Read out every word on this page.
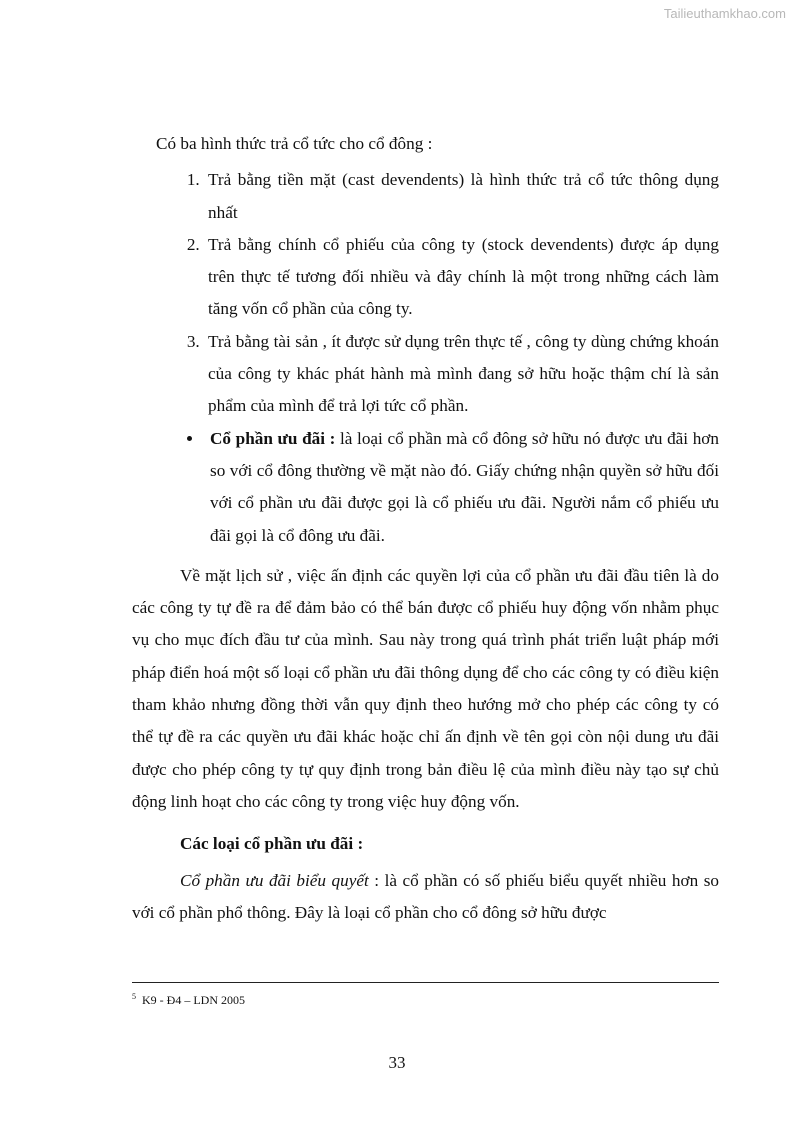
Tailieuthamkhao.com

Có ba hình thức trả cổ tức cho cổ đông :

1. Trả bằng tiền mặt (cast devendents) là hình thức trả cổ tức thông dụng nhất
2. Trả bằng chính cổ phiếu của công ty (stock devendents) được áp dụng trên thực tế tương đối nhiều và đây chính là một trong những cách làm tăng vốn cổ phần của công ty.
3. Trả bằng tài sản , ít được sử dụng trên thực tế , công ty dùng chứng khoán của công ty khác phát hành mà mình đang sở hữu hoặc thậm chí là sản phẩm của mình để trả lợi tức cổ phần.
• Cổ phần ưu đãi : là loại cổ phần mà cổ đông sở hữu nó được ưu đãi hơn so với cổ đông thường về mặt nào đó. Giấy chứng nhận quyền sở hữu đối với cổ phần ưu đãi được gọi là cổ phiếu ưu đãi. Người nắm cổ phiếu ưu đãi gọi là cổ đông ưu đãi.

Về mặt lịch sử , việc ấn định các quyền lợi của cổ phần ưu đãi đầu tiên là do các công ty tự đề ra để đảm bảo có thể bán được cổ phiếu huy động vốn nhằm phục vụ cho mục đích đầu tư của mình. Sau này trong quá trình phát triển luật pháp mới pháp điển hoá một số loại cổ phần ưu đãi thông dụng để cho các công ty có điều kiện tham khảo nhưng đồng thời vẫn quy định theo hướng mở cho phép các công ty có thể tự đề ra các quyền ưu đãi khác hoặc chỉ ấn định về tên gọi còn nội dung ưu đãi được cho phép công ty tự quy định trong bản điều lệ của mình điều này tạo sự chủ động linh hoạt cho các công ty trong việc huy động vốn.

Các loại cổ phần ưu đãi :

Cổ phần ưu đãi biểu quyết : là cổ phần có số phiếu biểu quyết nhiều hơn so với cổ phần phổ thông. Đây là loại cổ phần cho cổ đông sở hữu được

$^5$ K9 - Đ4 – LDN 2005
33
